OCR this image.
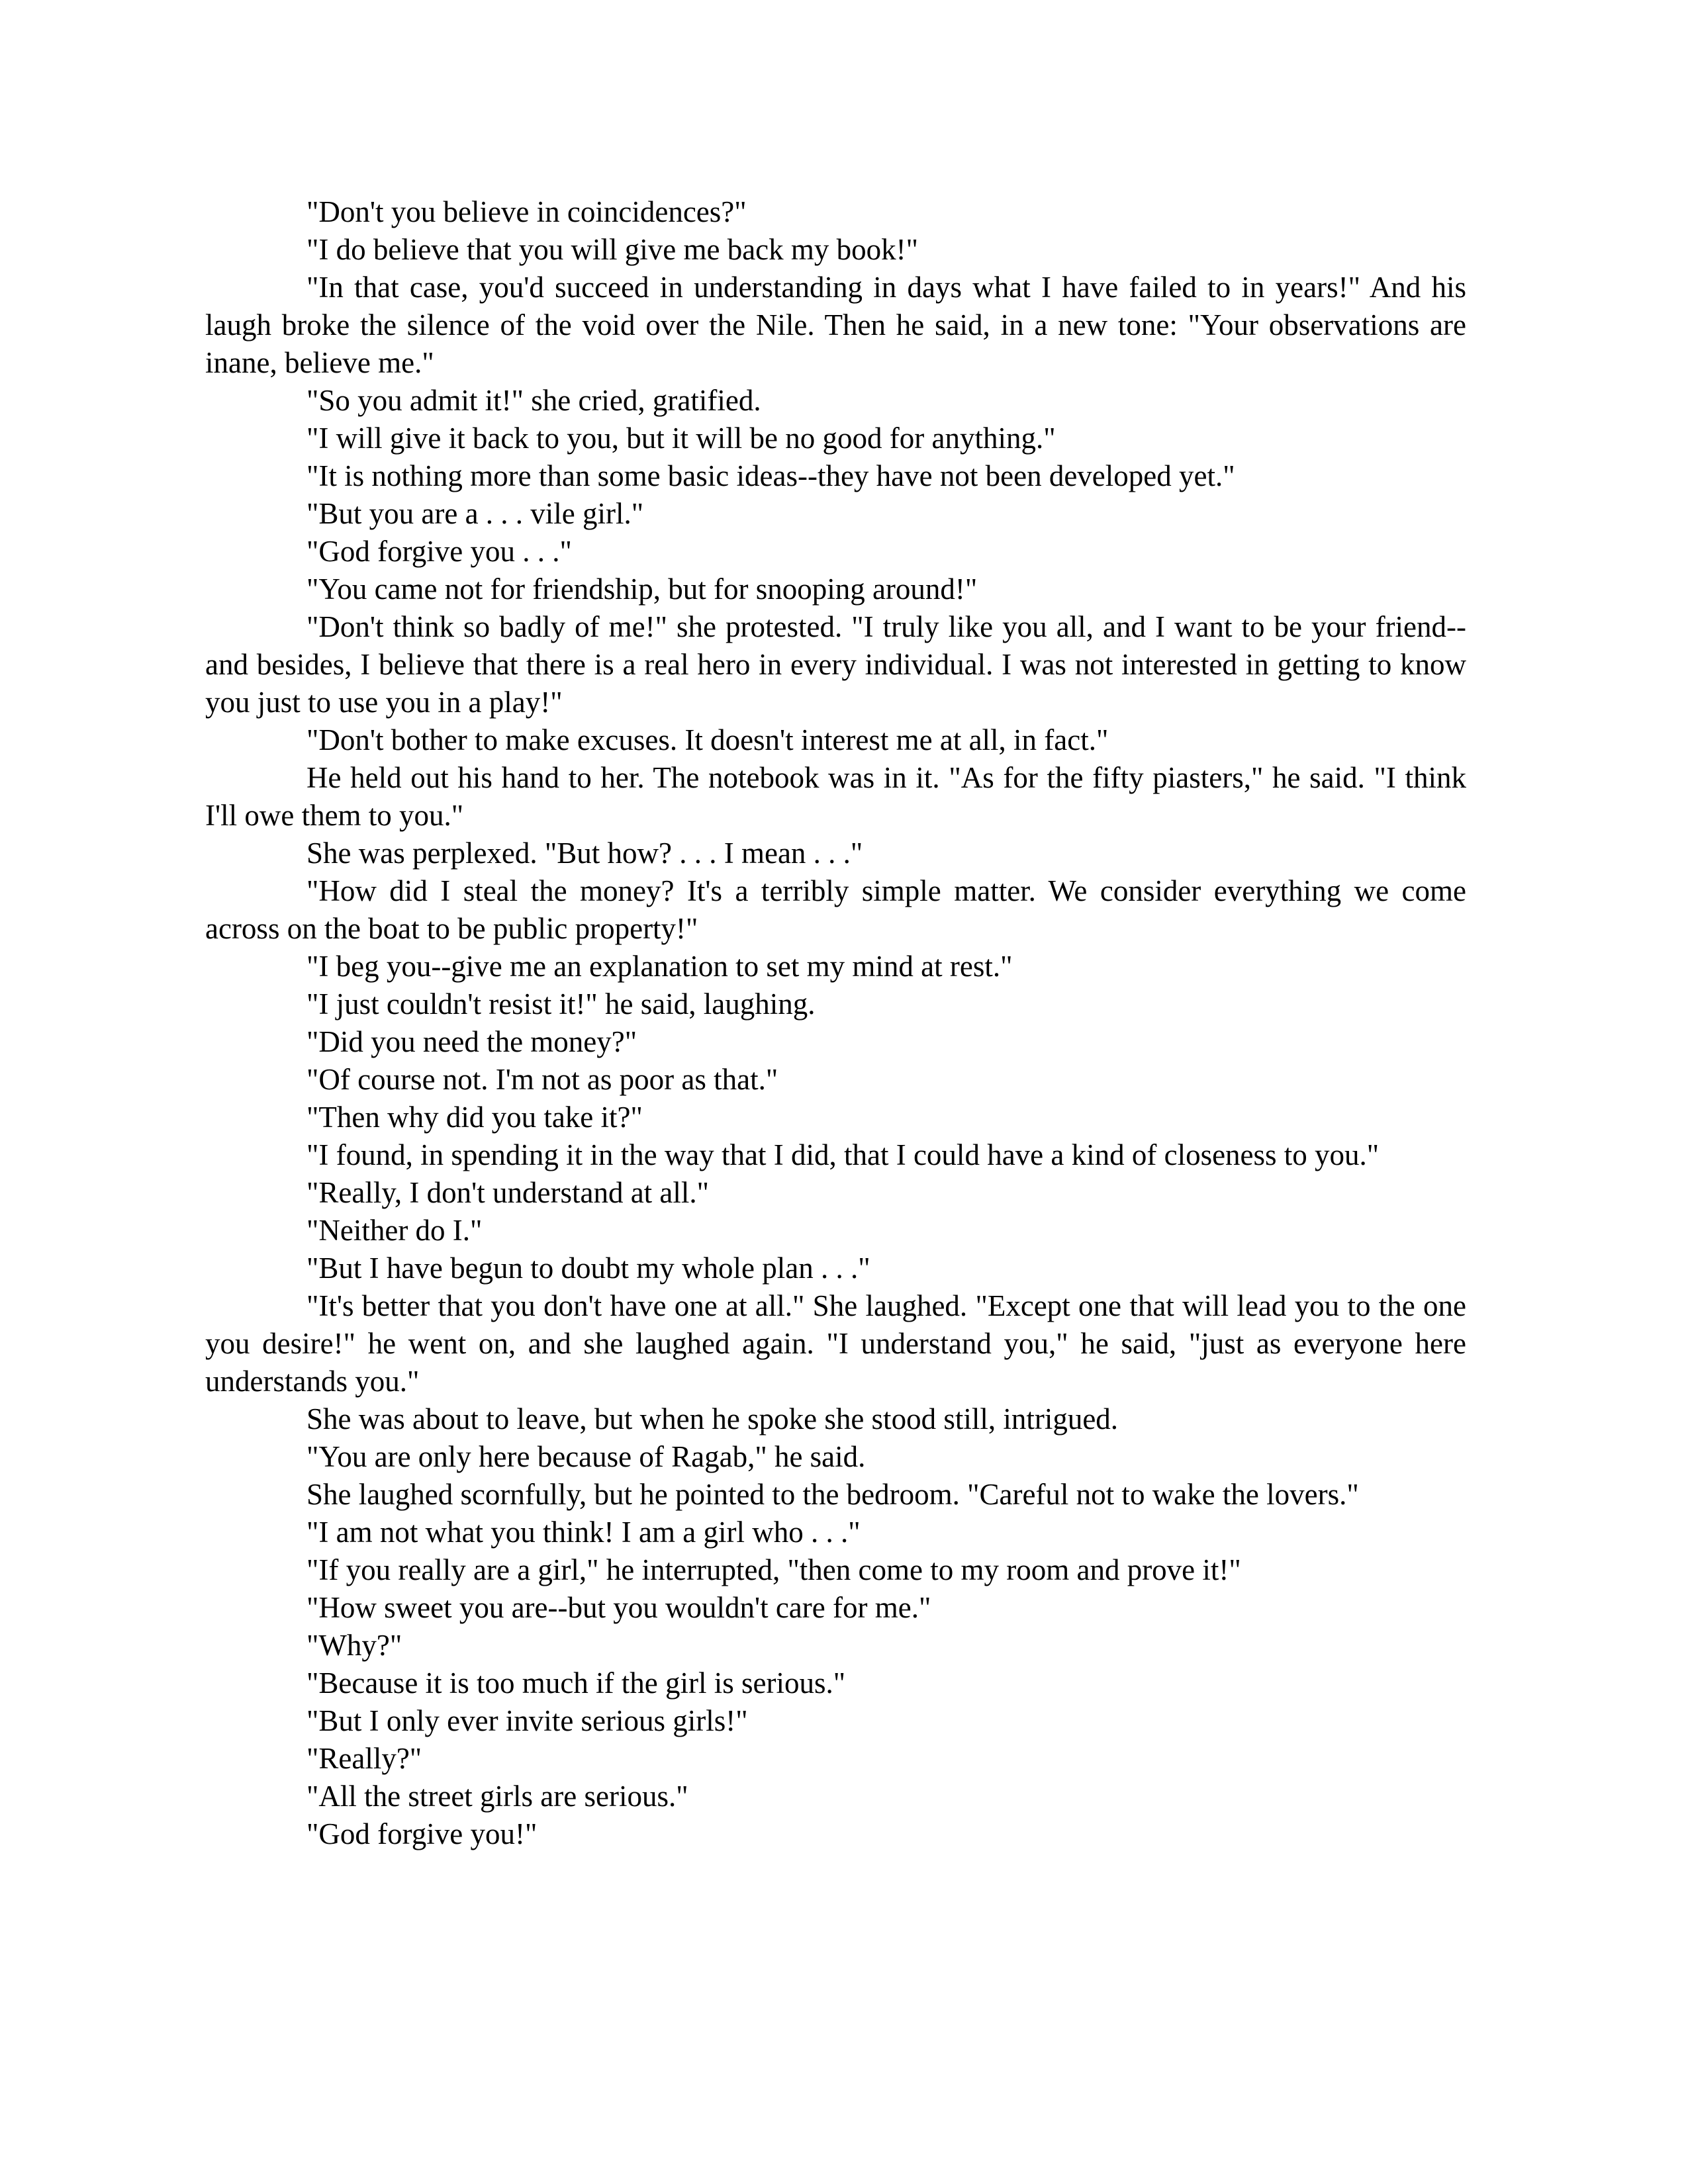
"Don't you believe in coincidences?"

"I do believe that you will give me back my book!"

"In that case, you'd succeed in understanding in days what I have failed to in years!" And his laugh broke the silence of the void over the Nile. Then he said, in a new tone: "Your observations are inane, believe me."

"So you admit it!" she cried, gratified.

"I will give it back to you, but it will be no good for anything."

"It is nothing more than some basic ideas--they have not been developed yet."

"But you are a . . . vile girl."

"God forgive you . . ."

"You came not for friendship, but for snooping around!"

"Don't think so badly of me!" she protested. "I truly like you all, and I want to be your friend--and besides, I believe that there is a real hero in every individual. I was not interested in getting to know you just to use you in a play!"

"Don't bother to make excuses. It doesn't interest me at all, in fact."

He held out his hand to her. The notebook was in it. "As for the fifty piasters," he said. "I think I'll owe them to you."

She was perplexed. "But how? . . . I mean . . ."

"How did I steal the money? It's a terribly simple matter. We consider everything we come across on the boat to be public property!"

"I beg you--give me an explanation to set my mind at rest."

"I just couldn't resist it!" he said, laughing.

"Did you need the money?"

"Of course not. I'm not as poor as that."

"Then why did you take it?"

"I found, in spending it in the way that I did, that I could have a kind of closeness to you."

"Really, I don't understand at all."

"Neither do I."

"But I have begun to doubt my whole plan . . ."

"It's better that you don't have one at all." She laughed. "Except one that will lead you to the one you desire!" he went on, and she laughed again. "I understand you," he said, "just as everyone here understands you."

She was about to leave, but when he spoke she stood still, intrigued.

"You are only here because of Ragab," he said.

She laughed scornfully, but he pointed to the bedroom. "Careful not to wake the lovers."

"I am not what you think! I am a girl who . . ."

"If you really are a girl," he interrupted, "then come to my room and prove it!"

"How sweet you are--but you wouldn't care for me."

"Why?"

"Because it is too much if the girl is serious."

"But I only ever invite serious girls!"

"Really?"

"All the street girls are serious."

"God forgive you!"
